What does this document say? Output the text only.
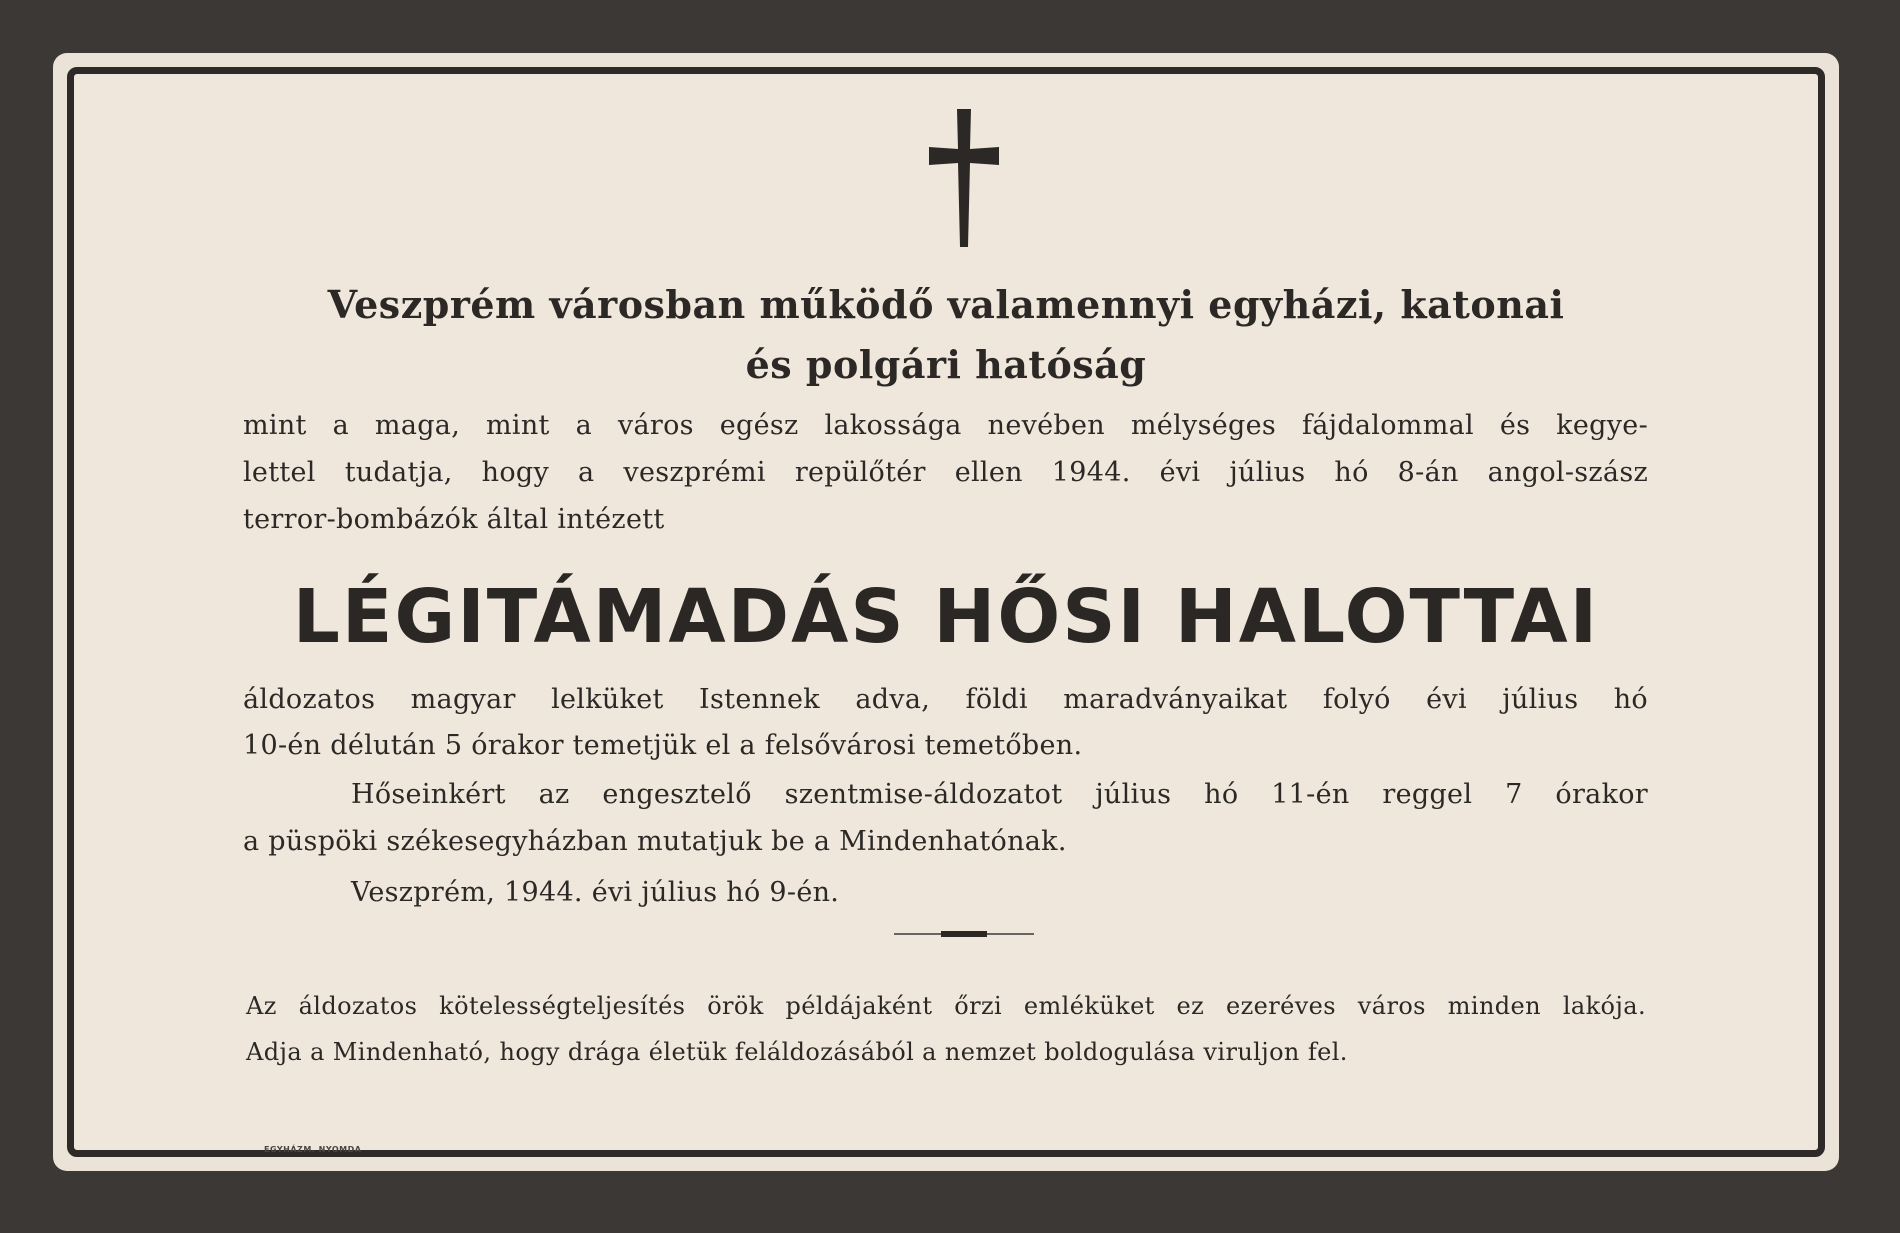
Veszprém városban működő valamennyi egyházi, katonai
és polgári hatóság
mint a maga, mint a város egész lakossága nevében mélységes fájdalommal és kegye-
lettel tudatja, hogy a veszprémi repülőtér ellen 1944. évi július hó 8-án angol-szász
terror-bombázók által intézett
LÉGITÁMADÁS HŐSI HALOTTAI
áldozatos magyar lelküket Istennek adva, földi maradványaikat folyó évi július hó
10-én délután 5 órakor temetjük el a felsővárosi temetőben.
Hőseinkért az engesztelő szentmise-áldozatot július hó 11-én reggel 7 órakor
a püspöki székesegyházban mutatjuk be a Mindenhatónak.
Veszprém, 1944. évi július hó 9-én.
Az áldozatos kötelességteljesítés örök példájaként őrzi emléküket ez ezeréves város minden lakója.
Adja a Mindenható, hogy drága életük feláldozásából a nemzet boldogulása viruljon fel.
EGYHÁZM. NYOMDA
